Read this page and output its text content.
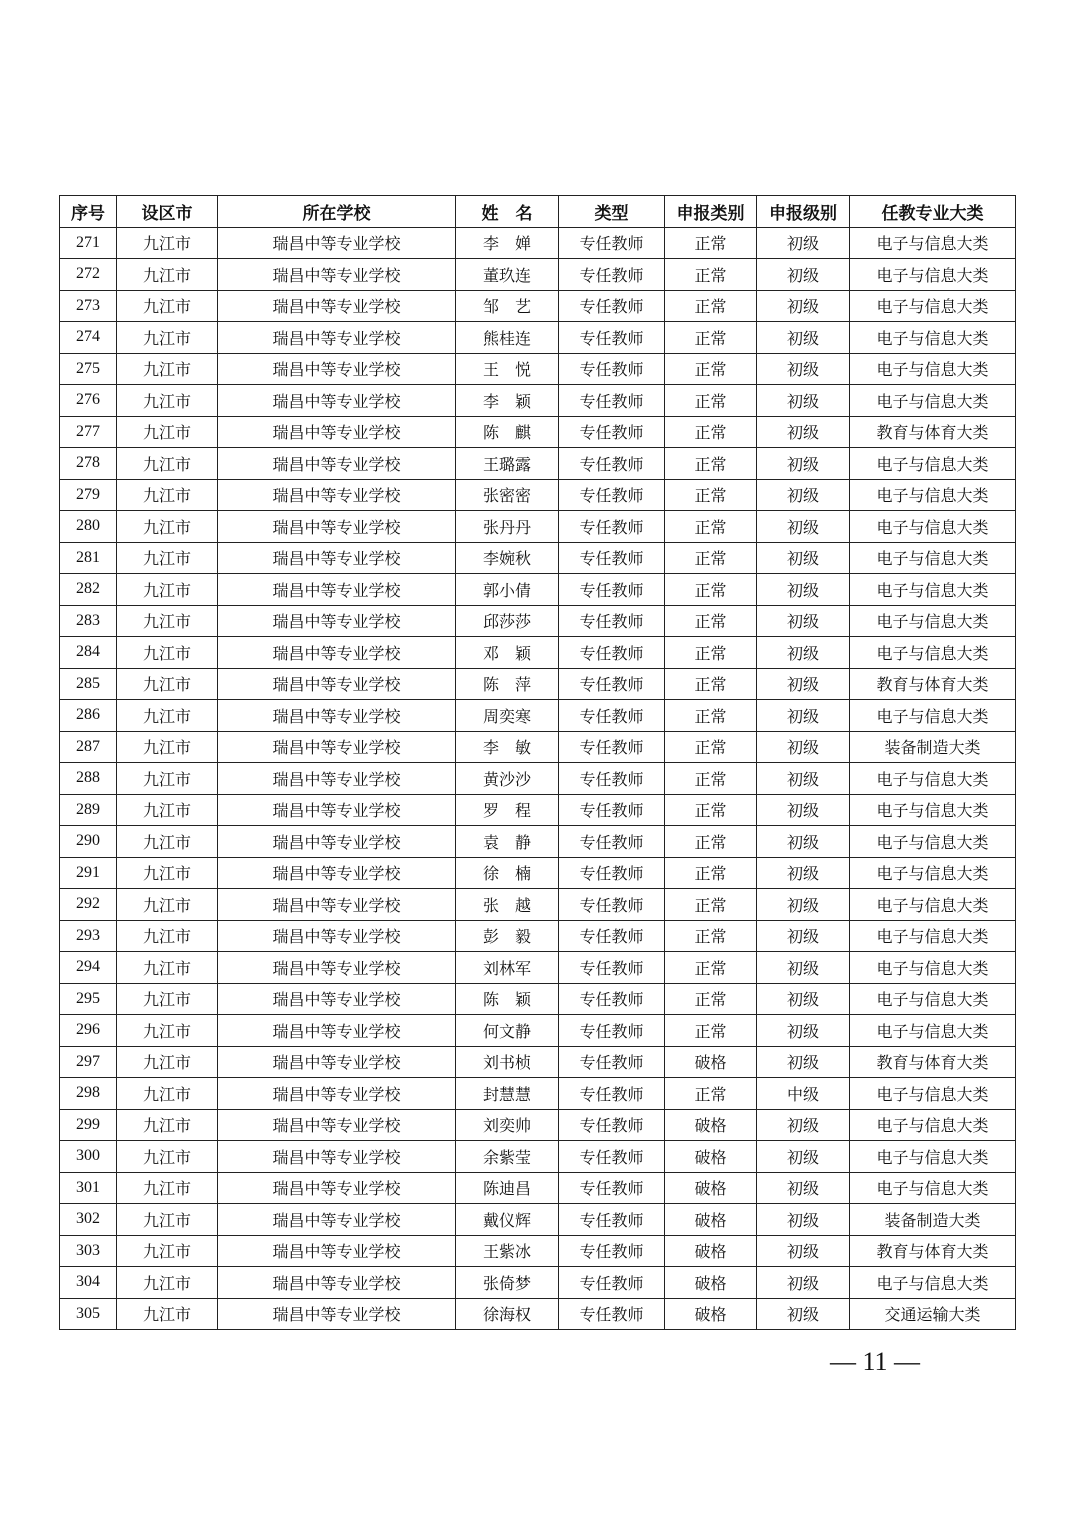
序号	设区市	所在学校	姓　名	类型	申报类别	申报级别	任教专业大类
271	九江市	瑞昌中等专业学校	李　婵	专任教师	正常	初级	电子与信息大类
272	九江市	瑞昌中等专业学校	董玖连	专任教师	正常	初级	电子与信息大类
273	九江市	瑞昌中等专业学校	邹　艺	专任教师	正常	初级	电子与信息大类
274	九江市	瑞昌中等专业学校	熊桂连	专任教师	正常	初级	电子与信息大类
275	九江市	瑞昌中等专业学校	王　悦	专任教师	正常	初级	电子与信息大类
276	九江市	瑞昌中等专业学校	李　颖	专任教师	正常	初级	电子与信息大类
277	九江市	瑞昌中等专业学校	陈　麒	专任教师	正常	初级	教育与体育大类
278	九江市	瑞昌中等专业学校	王璐露	专任教师	正常	初级	电子与信息大类
279	九江市	瑞昌中等专业学校	张密密	专任教师	正常	初级	电子与信息大类
280	九江市	瑞昌中等专业学校	张丹丹	专任教师	正常	初级	电子与信息大类
281	九江市	瑞昌中等专业学校	李婉秋	专任教师	正常	初级	电子与信息大类
282	九江市	瑞昌中等专业学校	郭小倩	专任教师	正常	初级	电子与信息大类
283	九江市	瑞昌中等专业学校	邱莎莎	专任教师	正常	初级	电子与信息大类
284	九江市	瑞昌中等专业学校	邓　颖	专任教师	正常	初级	电子与信息大类
285	九江市	瑞昌中等专业学校	陈　萍	专任教师	正常	初级	教育与体育大类
286	九江市	瑞昌中等专业学校	周奕寒	专任教师	正常	初级	电子与信息大类
287	九江市	瑞昌中等专业学校	李　敏	专任教师	正常	初级	装备制造大类
288	九江市	瑞昌中等专业学校	黄沙沙	专任教师	正常	初级	电子与信息大类
289	九江市	瑞昌中等专业学校	罗　程	专任教师	正常	初级	电子与信息大类
290	九江市	瑞昌中等专业学校	袁　静	专任教师	正常	初级	电子与信息大类
291	九江市	瑞昌中等专业学校	徐　楠	专任教师	正常	初级	电子与信息大类
292	九江市	瑞昌中等专业学校	张　越	专任教师	正常	初级	电子与信息大类
293	九江市	瑞昌中等专业学校	彭　毅	专任教师	正常	初级	电子与信息大类
294	九江市	瑞昌中等专业学校	刘林军	专任教师	正常	初级	电子与信息大类
295	九江市	瑞昌中等专业学校	陈　颖	专任教师	正常	初级	电子与信息大类
296	九江市	瑞昌中等专业学校	何文静	专任教师	正常	初级	电子与信息大类
297	九江市	瑞昌中等专业学校	刘书桢	专任教师	破格	初级	教育与体育大类
298	九江市	瑞昌中等专业学校	封慧慧	专任教师	正常	中级	电子与信息大类
299	九江市	瑞昌中等专业学校	刘奕帅	专任教师	破格	初级	电子与信息大类
300	九江市	瑞昌中等专业学校	余紫莹	专任教师	破格	初级	电子与信息大类
301	九江市	瑞昌中等专业学校	陈迪昌	专任教师	破格	初级	电子与信息大类
302	九江市	瑞昌中等专业学校	戴仪辉	专任教师	破格	初级	装备制造大类
303	九江市	瑞昌中等专业学校	王紫冰	专任教师	破格	初级	教育与体育大类
304	九江市	瑞昌中等专业学校	张倚梦	专任教师	破格	初级	电子与信息大类
305	九江市	瑞昌中等专业学校	徐海权	专任教师	破格	初级	交通运输大类
— 11 —
